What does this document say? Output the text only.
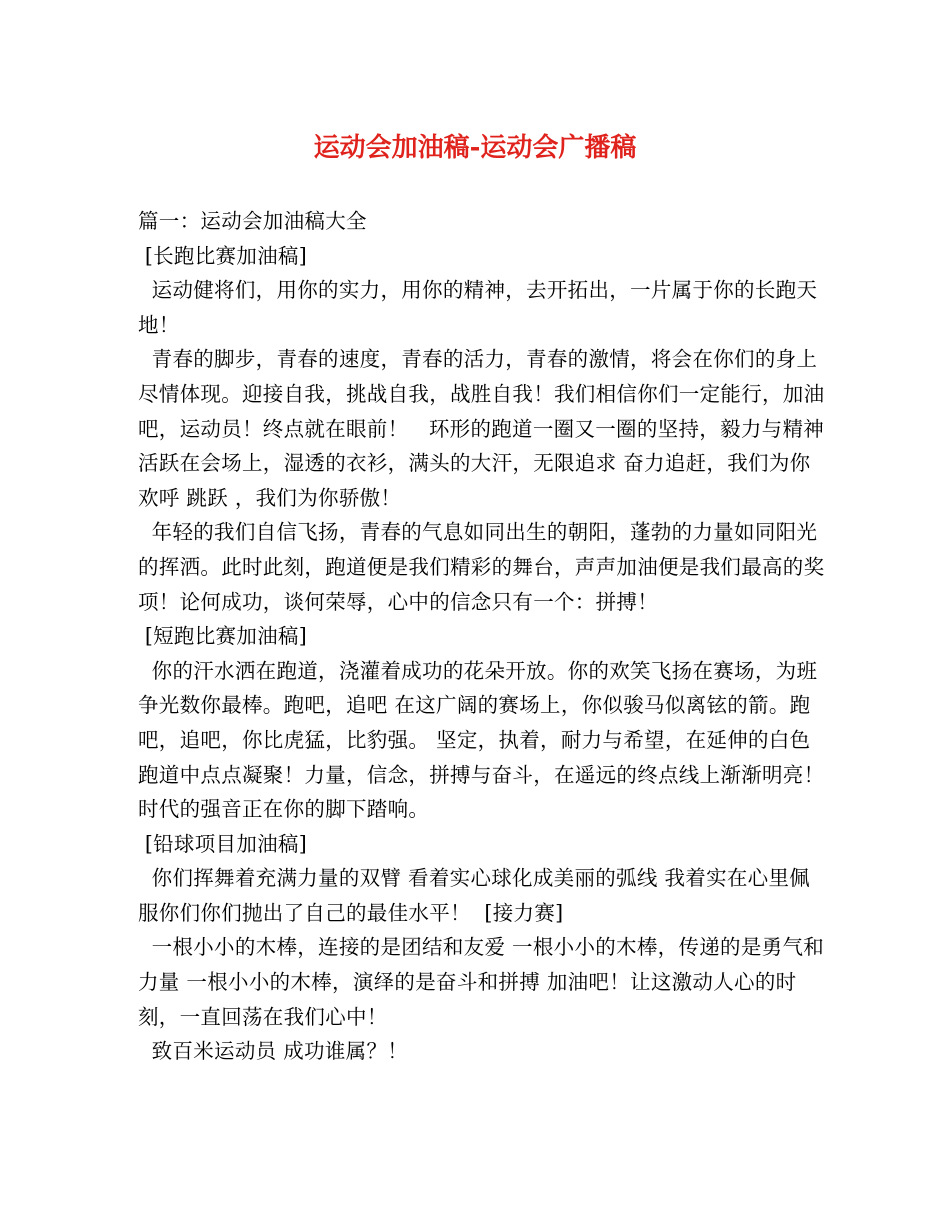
运动会加油稿-运动会广播稿

篇一：运动会加油稿大全

[长跑比赛加油稿]

运动健将们，用你的实力，用你的精神，去开拓出，一片属于你的长跑天地！

青春的脚步，青春的速度，青春的活力，青春的激情，将会在你们的身上尽情体现。迎接自我，挑战自我，战胜自我！我们相信你们一定能行，加油吧，运动员！终点就在眼前！   环形的跑道一圈又一圈的坚持，毅力与精神活跃在会场上，湿透的衣衫，满头的大汗，无限追求 奋力追赶，我们为你欢呼 跳跃 ，我们为你骄傲！

年轻的我们自信飞扬，青春的气息如同出生的朝阳，蓬勃的力量如同阳光的挥洒。此时此刻，跑道便是我们精彩的舞台，声声加油便是我们最高的奖项！论何成功，谈何荣辱，心中的信念只有一个：拼搏！

[短跑比赛加油稿]

你的汗水洒在跑道，浇灌着成功的花朵开放。你的欢笑飞扬在赛场，为班争光数你最棒。跑吧，追吧 在这广阔的赛场上，你似骏马似离铉的箭。跑吧，追吧，你比虎猛，比豹强。 坚定，执着，耐力与希望，在延伸的白色跑道中点点凝聚！力量，信念，拼搏与奋斗，在遥远的终点线上渐渐明亮！时代的强音正在你的脚下踏响。

[铅球项目加油稿]

你们挥舞着充满力量的双臂 看着实心球化成美丽的弧线 我着实在心里佩服你们你们抛出了自己的最佳水平！  [接力赛]

一根小小的木棒，连接的是团结和友爱 一根小小的木棒，传递的是勇气和力量 一根小小的木棒，演绎的是奋斗和拼搏 加油吧！让这激动人心的时刻，一直回荡在我们心中！

致百米运动员 成功谁属？！
